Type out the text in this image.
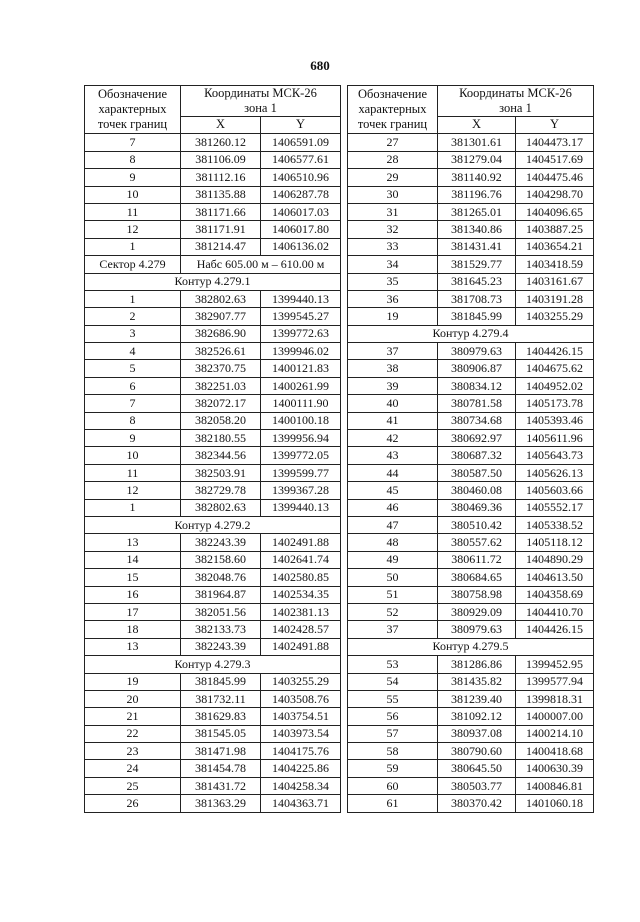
680
Обозначение характерных точек границ	Координаты МСК-26 зона 1	
	X	Y
7	381260.12	1406591.09
8	381106.09	1406577.61
9	381112.16	1406510.96
10	381135.88	1406287.78
11	381171.66	1406017.03
12	381171.91	1406017.80
1	381214.47	1406136.02
Сектор 4.279	Набс 605.00 м – 610.00 м	
Контур 4.279.1		
1	382802.63	1399440.13
2	382907.77	1399545.27
3	382686.90	1399772.63
4	382526.61	1399946.02
5	382370.75	1400121.83
6	382251.03	1400261.99
7	382072.17	1400111.90
8	382058.20	1400100.18
9	382180.55	1399956.94
10	382344.56	1399772.05
11	382503.91	1399599.77
12	382729.78	1399367.28
1	382802.63	1399440.13
Контур 4.279.2		
13	382243.39	1402491.88
14	382158.60	1402641.74
15	382048.76	1402580.85
16	381964.87	1402534.35
17	382051.56	1402381.13
18	382133.73	1402428.57
13	382243.39	1402491.88
Контур 4.279.3		
19	381845.99	1403255.29
20	381732.11	1403508.76
21	381629.83	1403754.51
22	381545.05	1403973.54
23	381471.98	1404175.76
24	381454.78	1404225.86
25	381431.72	1404258.34
26	381363.29	1404363.71
Обозначение характерных точек границ	Координаты МСК-26 зона 1	
	X	Y
27	381301.61	1404473.17
28	381279.04	1404517.69
29	381140.92	1404475.46
30	381196.76	1404298.70
31	381265.01	1404096.65
32	381340.86	1403887.25
33	381431.41	1403654.21
34	381529.77	1403418.59
35	381645.23	1403161.67
36	381708.73	1403191.28
19	381845.99	1403255.29
Контур 4.279.4		
37	380979.63	1404426.15
38	380906.87	1404675.62
39	380834.12	1404952.02
40	380781.58	1405173.78
41	380734.68	1405393.46
42	380692.97	1405611.96
43	380687.32	1405643.73
44	380587.50	1405626.13
45	380460.08	1405603.66
46	380469.36	1405552.17
47	380510.42	1405338.52
48	380557.62	1405118.12
49	380611.72	1404890.29
50	380684.65	1404613.50
51	380758.98	1404358.69
52	380929.09	1404410.70
37	380979.63	1404426.15
Контур 4.279.5		
53	381286.86	1399452.95
54	381435.82	1399577.94
55	381239.40	1399818.31
56	381092.12	1400007.00
57	380937.08	1400214.10
58	380790.60	1400418.68
59	380645.50	1400630.39
60	380503.77	1400846.81
61	380370.42	1401060.18
